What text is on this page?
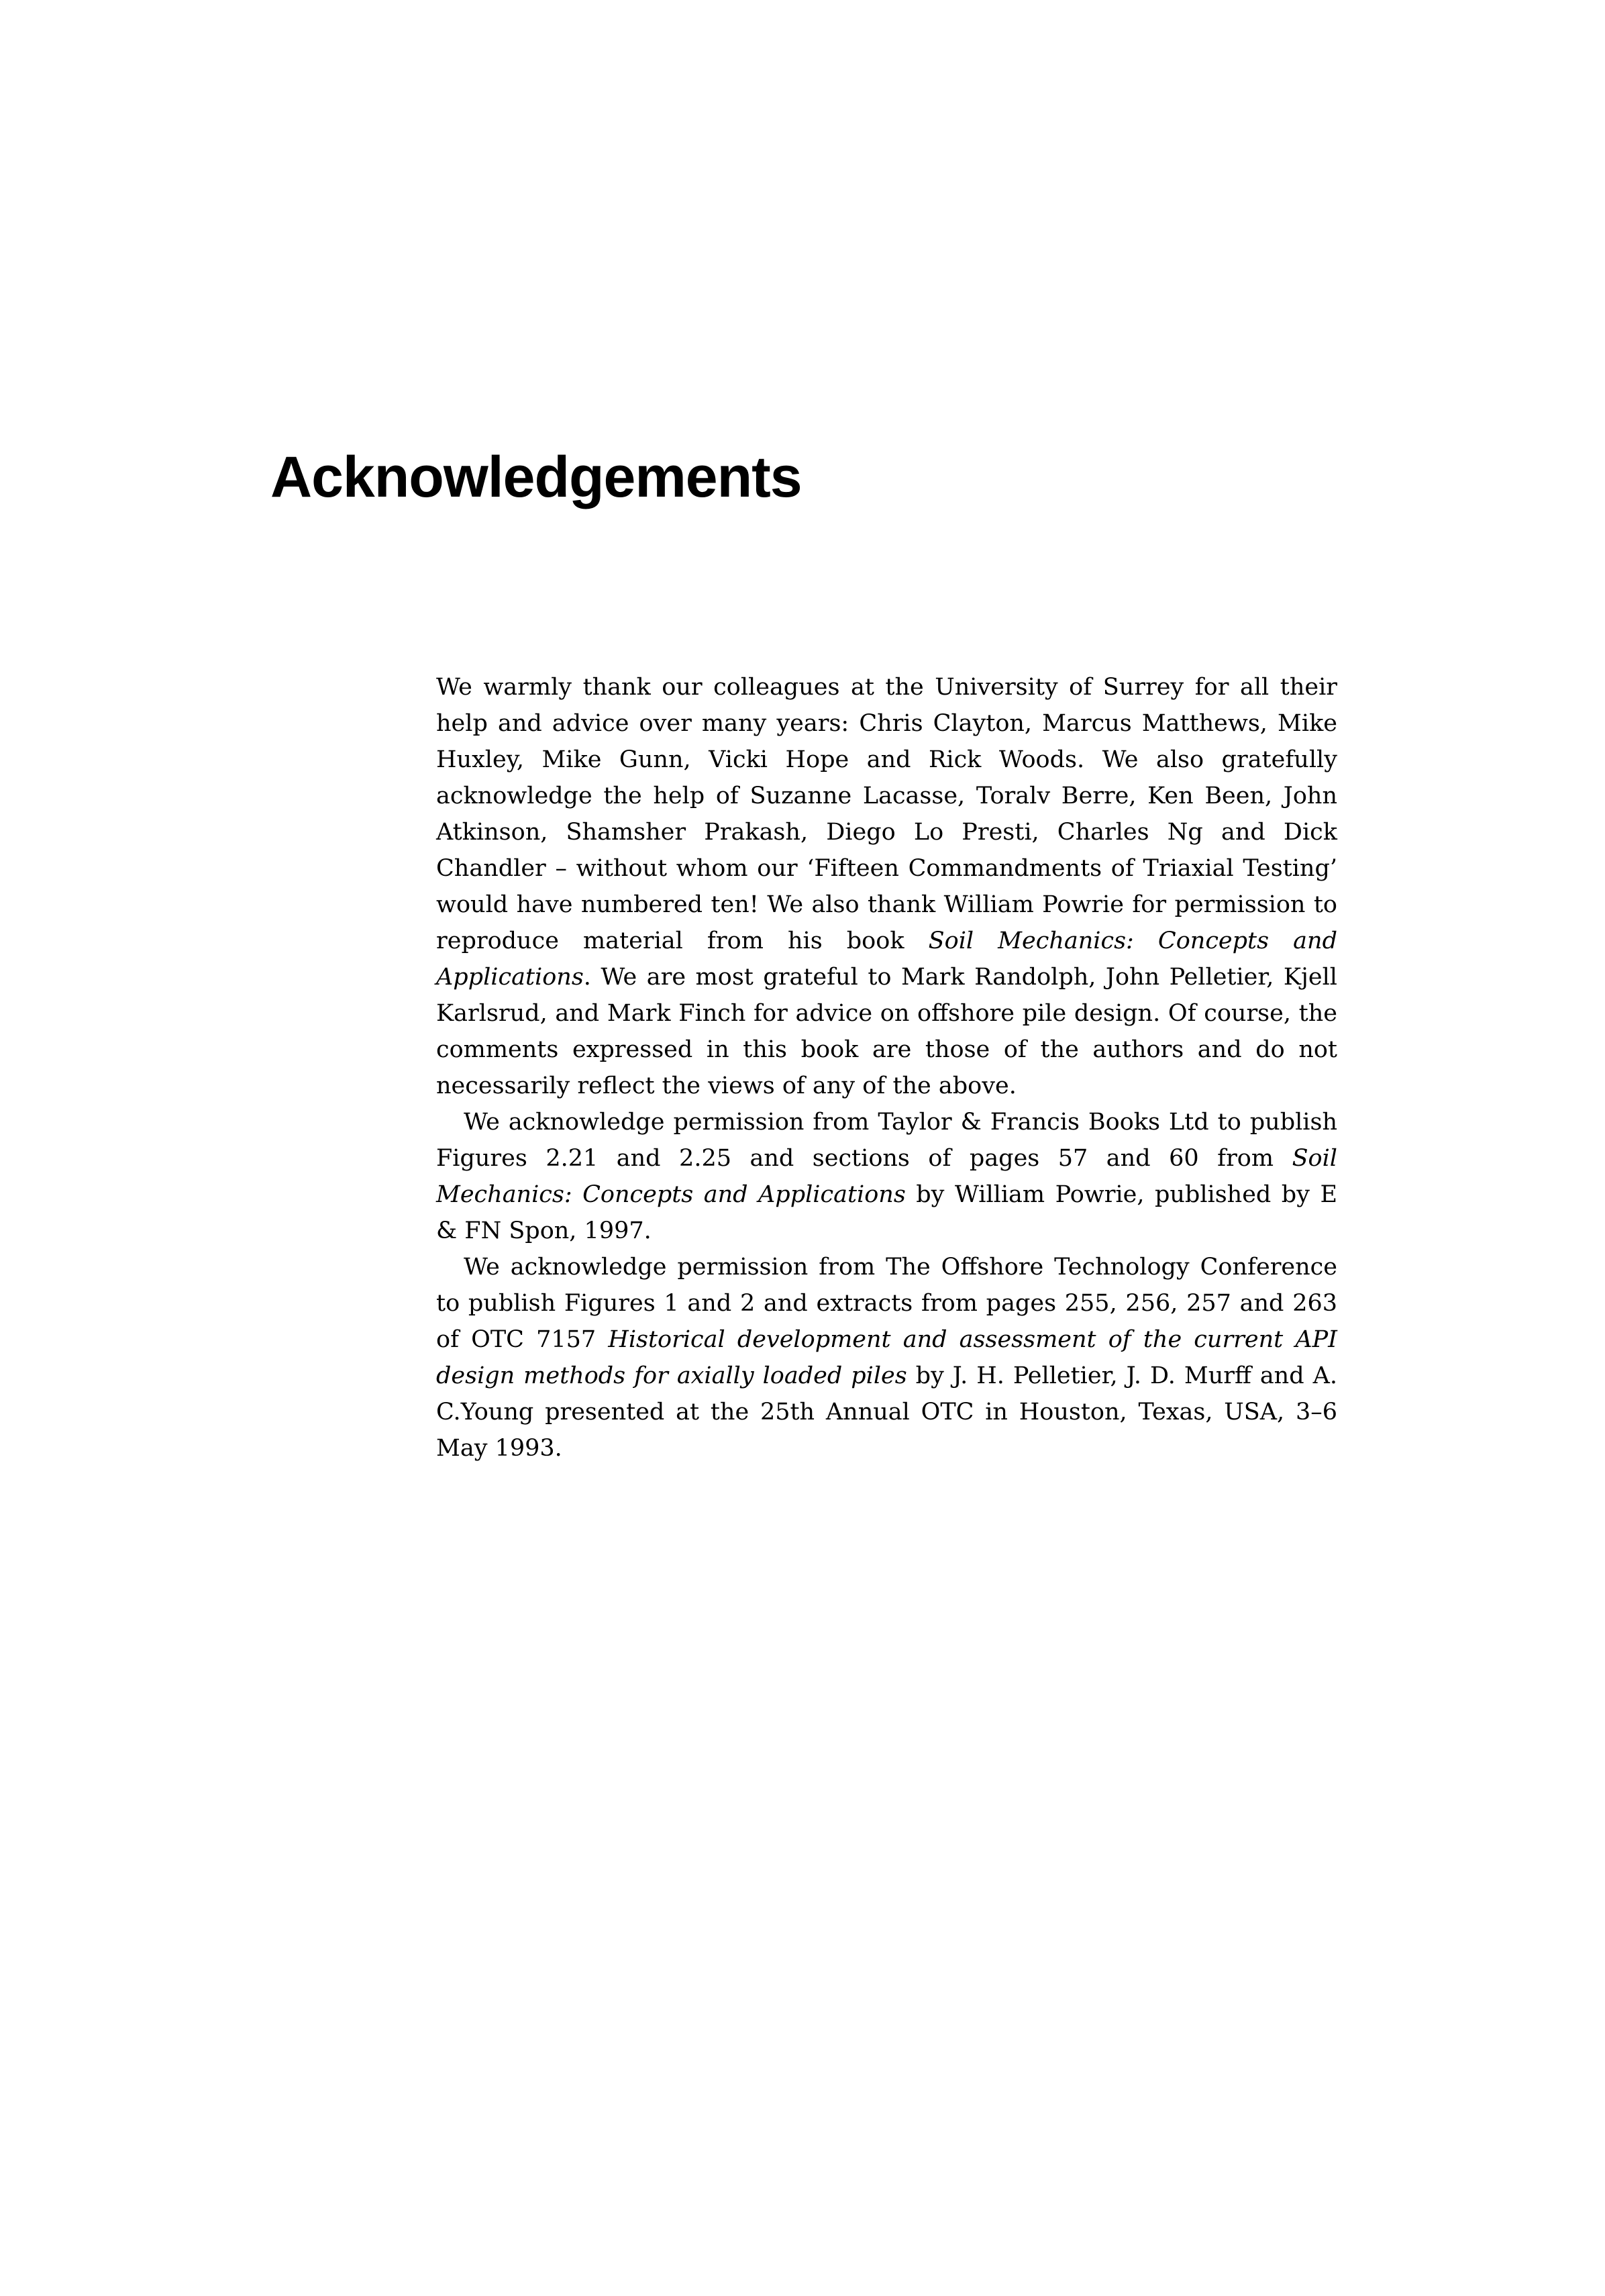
Acknowledgements

We warmly thank our colleagues at the University of Surrey for all their help and advice over many years: Chris Clayton, Marcus Matthews, Mike Huxley, Mike Gunn, Vicki Hope and Rick Woods. We also gratefully acknowledge the help of Suzanne Lacasse, Toralv Berre, Ken Been, John Atkinson, Shamsher Prakash, Diego Lo Presti, Charles Ng and Dick Chandler – without whom our ‘Fifteen Commandments of Triaxial Testing’ would have numbered ten! We also thank William Powrie for permission to reproduce material from his book Soil Mechanics: Concepts and Applications. We are most grateful to Mark Randolph, John Pelletier, Kjell Karlsrud, and Mark Finch for advice on offshore pile design. Of course, the comments expressed in this book are those of the authors and do not necessarily reflect the views of any of the above.

We acknowledge permission from Taylor & Francis Books Ltd to publish Figures 2.21 and 2.25 and sections of pages 57 and 60 from Soil Mechanics: Concepts and Applications by William Powrie, published by E & FN Spon, 1997.

We acknowledge permission from The Offshore Technology Conference to publish Figures 1 and 2 and extracts from pages 255, 256, 257 and 263 of OTC 7157 Historical development and assessment of the current API design methods for axially loaded piles by J. H. Pelletier, J. D. Murff and A. C.Young presented at the 25th Annual OTC in Houston, Texas, USA, 3–6 May 1993.
